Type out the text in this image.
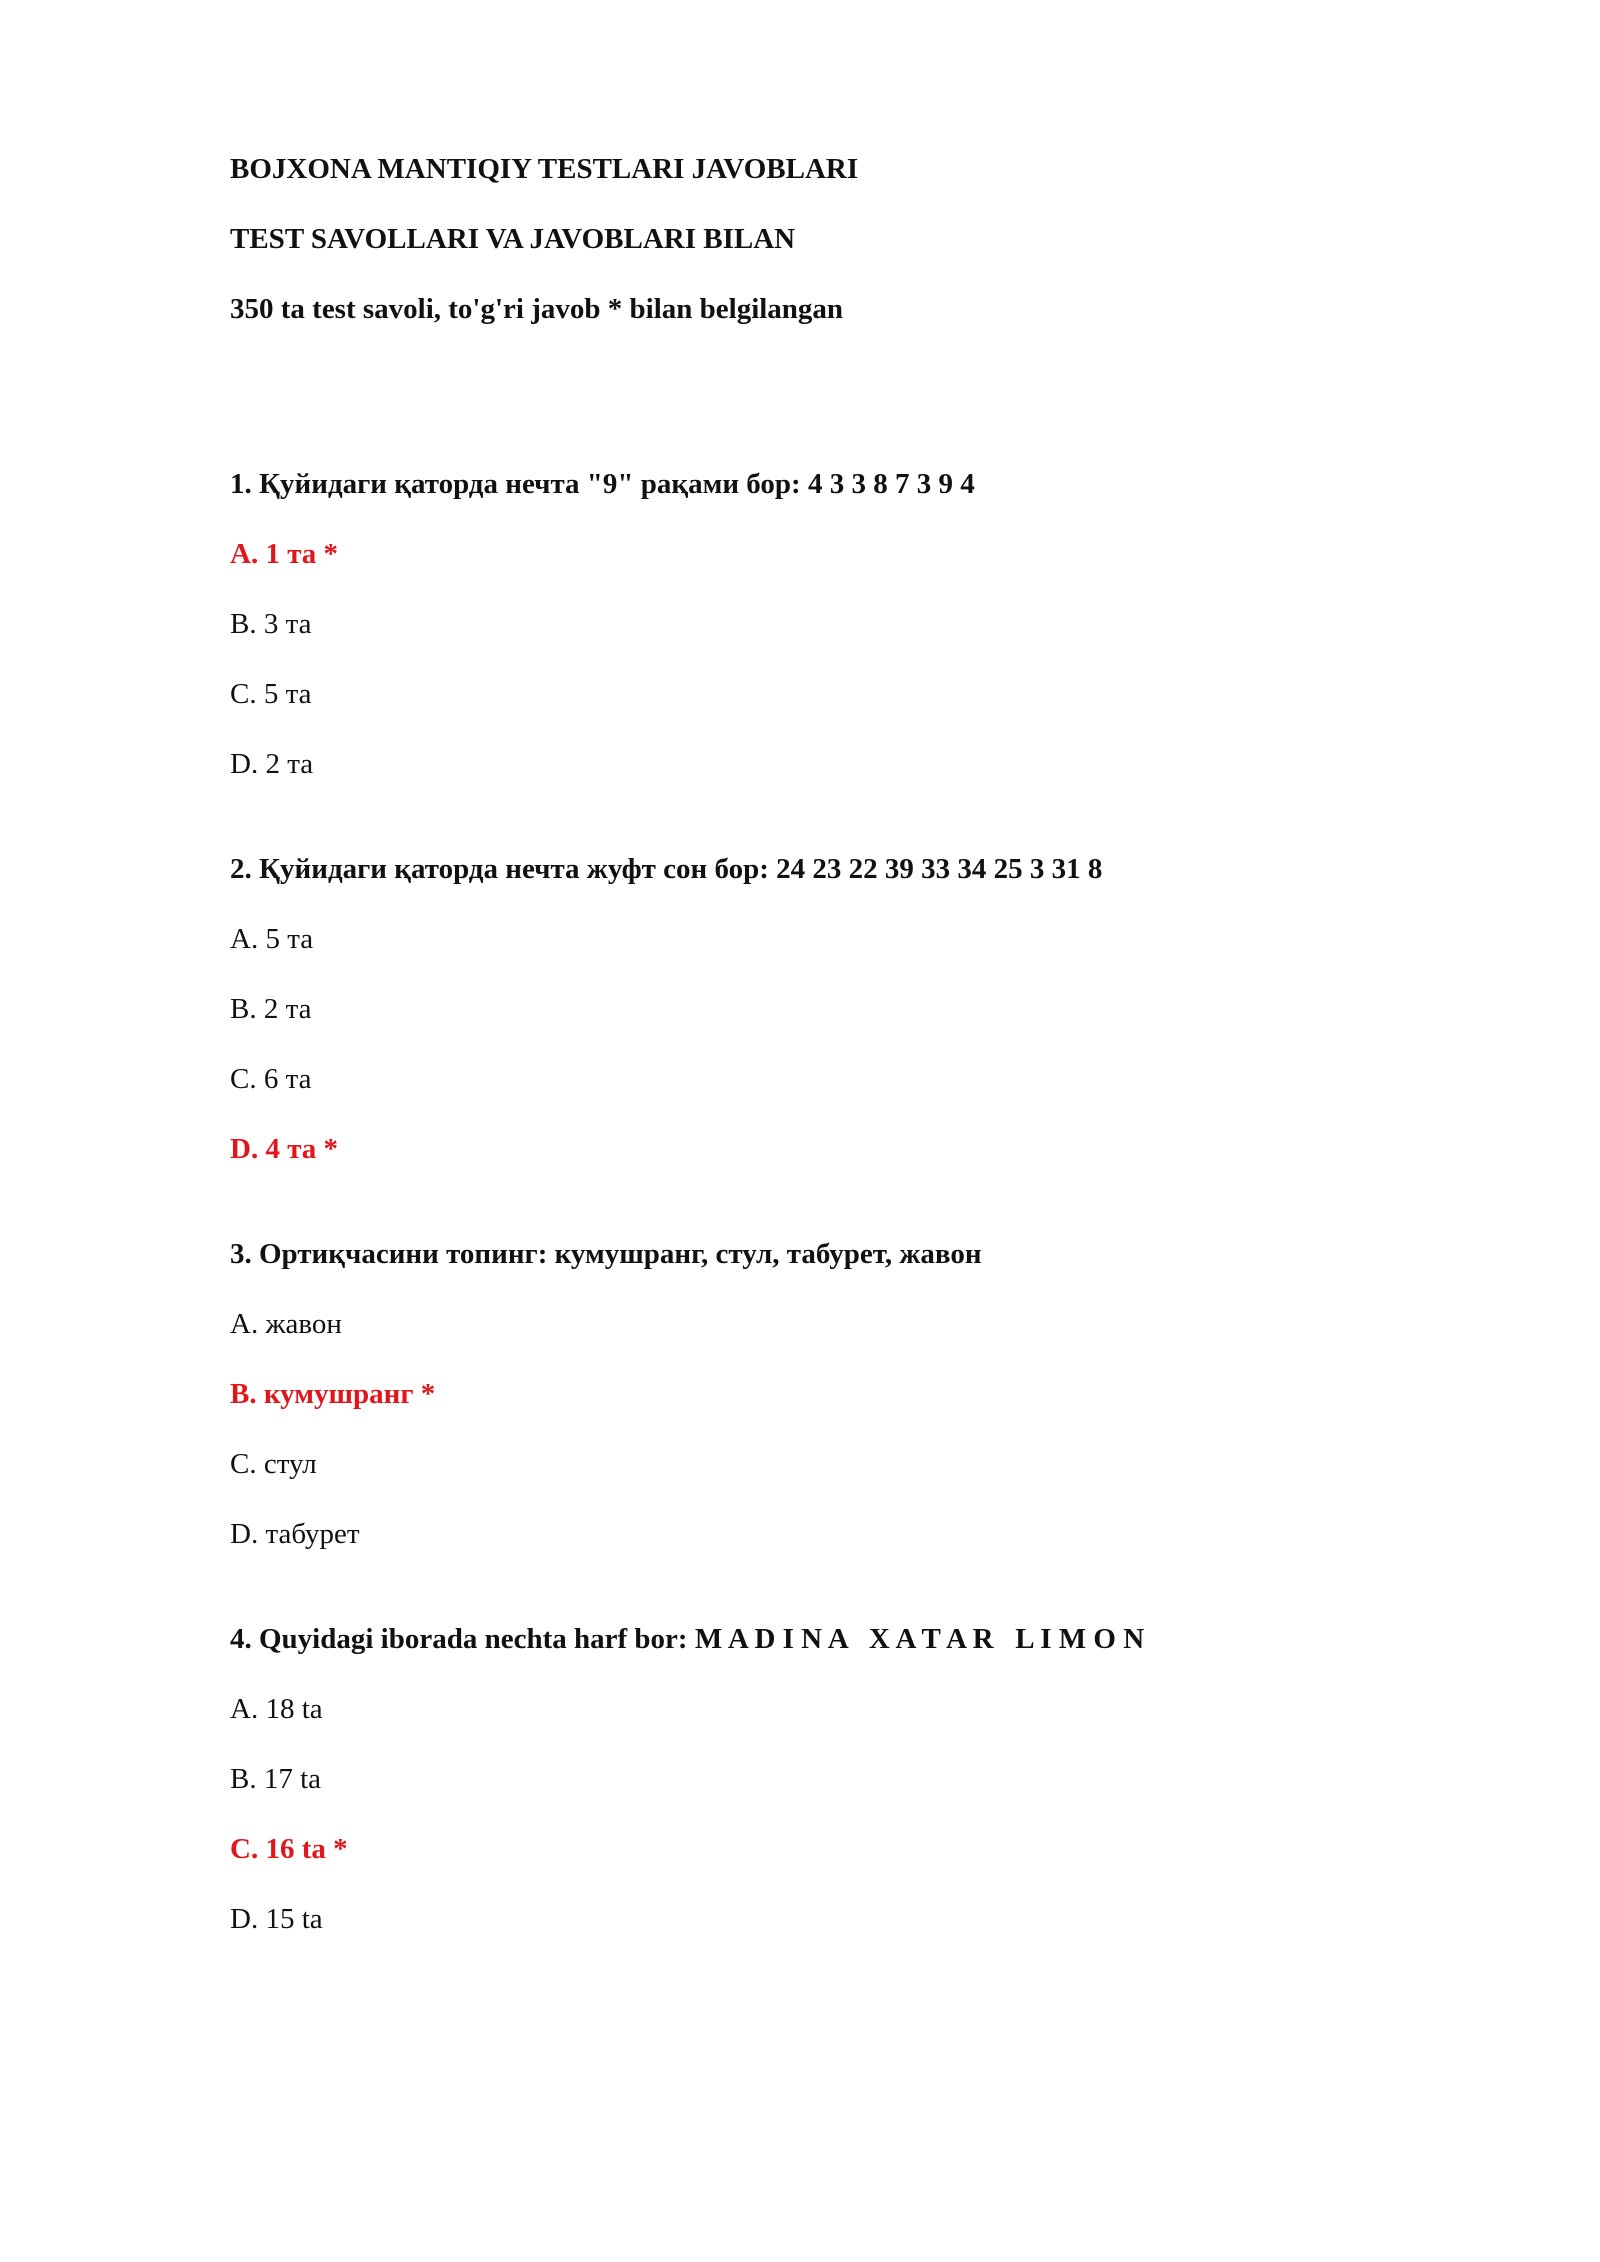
BOJXONA MANTIQIY TESTLARI JAVOBLARI

TEST SAVOLLARI VA JAVOBLARI BILAN

350 ta test savoli, to'g'ri javob * bilan belgilangan

1. Қуйидаги қаторда нечта "9" рақами бор: 4 3 3 8 7 3 9 4

A. 1 та *

B. 3 та

C. 5 та

D. 2 та

2. Қуйидаги қаторда нечта жуфт сон бор: 24 23 22 39 33 34 25 3 31 8

A. 5 та

B. 2 та

C. 6 та

D. 4 та *

3. Ортиқчасини топинг: кумушранг, стул, табурет, жавон

A. жавон

B. кумушранг *

C. стул

D. табурет

4. Quyidagi iborada nechta harf bor: M A D I N A   X A T A R   L I M O N

A. 18 ta

B. 17 ta

C. 16 ta *

D. 15 ta
